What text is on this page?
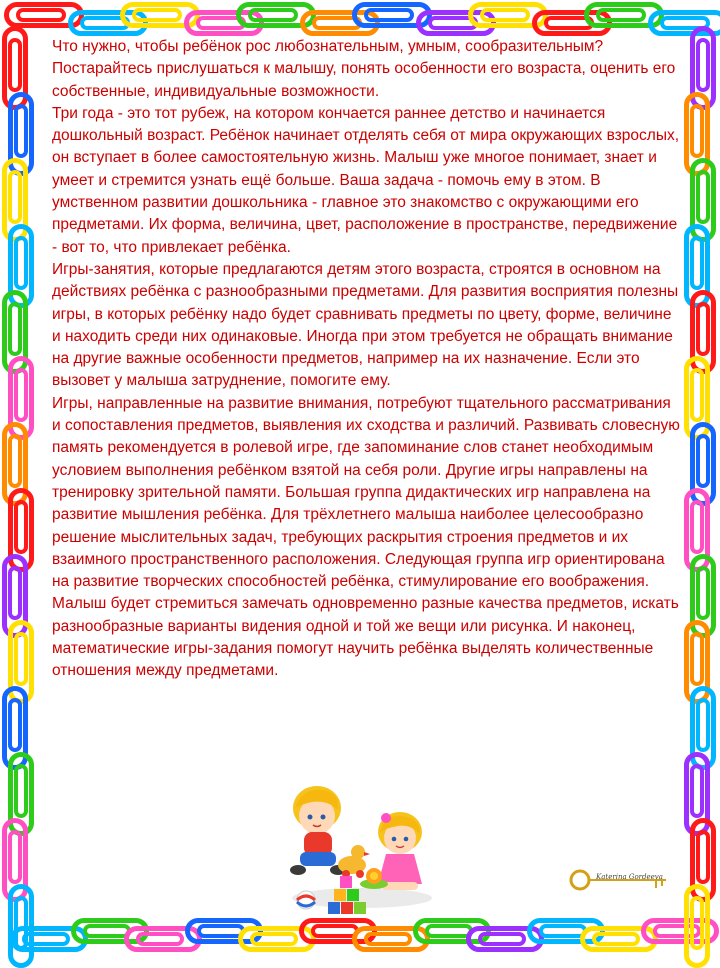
Что нужно, чтобы ребёнок рос любознательным, умным, сообразительным? Постарайтесь прислушаться к малышу, понять особенности его возраста, оценить его собственные, индивидуальные возможности.

Три года - это тот рубеж, на котором кончается раннее детство и начинается дошкольный возраст. Ребёнок начинает отделять себя от мира окружающих взрослых, он вступает в более самостоятельную жизнь. Малыш уже многое понимает, знает и умеет и стремится узнать ещё больше. Ваша задача - помочь ему в этом. В умственном развитии дошкольника - главное это знакомство с окружающими его предметами. Их форма, величина, цвет, расположение в пространстве, передвижение - вот то, что привлекает ребёнка.

Игры-занятия, которые предлагаются детям этого возраста, строятся в основном на действиях ребёнка с разнообразными предметами. Для развития восприятия полезны игры, в которых ребёнку надо будет сравнивать предметы по цвету, форме, величине и находить среди них одинаковые. Иногда при этом требуется не обращать внимание на другие важные особенности предметов, например на их назначение. Если это вызовет у малыша затруднение, помогите ему.

Игры, направленные на развитие внимания, потребуют тщательного рассматривания и сопоставления предметов, выявления их сходства и различий. Развивать словесную память рекомендуется в ролевой игре, где запоминание слов станет необходимым условием выполнения ребёнком взятой на себя роли. Другие игры направлены на тренировку зрительной памяти. Большая группа дидактических игр направлена на развитие мышления ребёнка. Для трёхлетнего малыша наиболее целесообразно решение мыслительных задач, требующих раскрытия строения предметов и их взаимного пространственного расположения. Следующая группа игр ориентирована на развитие творческих способностей ребёнка, стимулирование его воображения. Малыш будет стремиться замечать одновременно разные качества предметов, искать разнообразные варианты видения одной и той же вещи или рисунка. И наконец, математические игры-задания помогут научить ребёнка выделять количественные отношения между предметами.

Katerina Gordeeva
